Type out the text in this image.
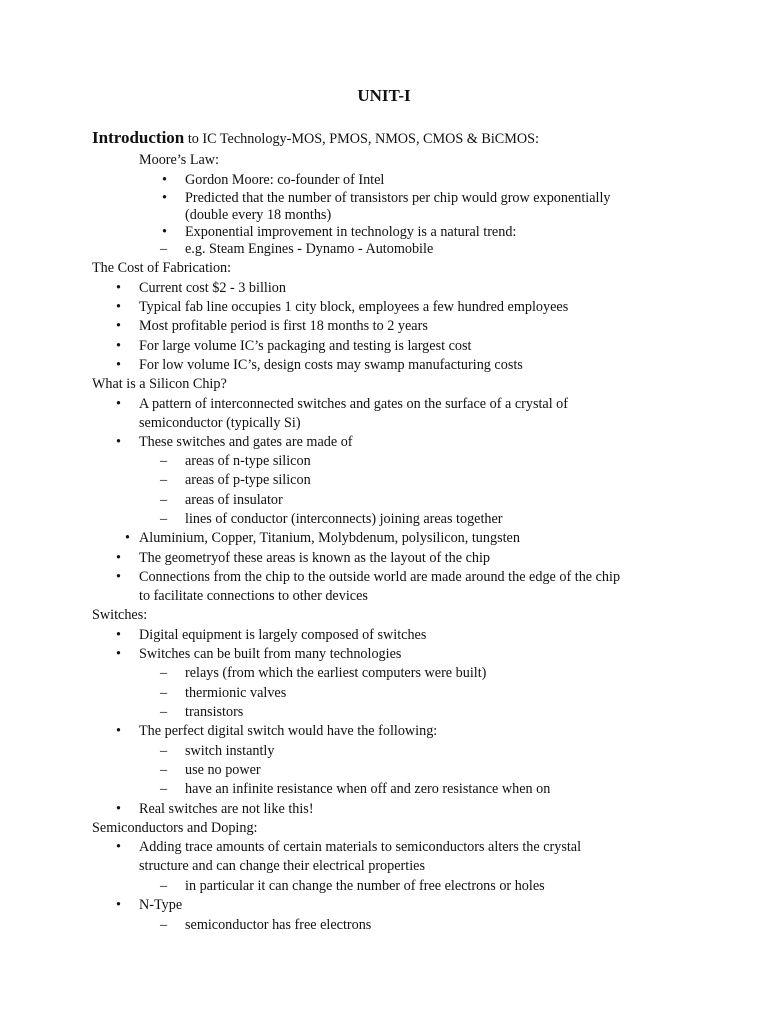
UNIT-I
Introduction to IC Technology-MOS, PMOS, NMOS, CMOS & BiCMOS:
Moore’s Law:
• Gordon Moore: co-founder of Intel
• Predicted that the number of transistors per chip would grow exponentially
(double every 18 months)
• Exponential improvement in technology is a natural trend:
– e.g. Steam Engines - Dynamo - Automobile
The Cost of Fabrication:
• Current cost $2 - 3 billion
• Typical fab line occupies 1 city block, employees a few hundred employees
• Most profitable period is first 18 months to 2 years
• For large volume IC’s packaging and testing is largest cost
• For low volume IC’s, design costs may swamp manufacturing costs
What is a Silicon Chip?
• A pattern of interconnected switches and gates on the surface of a crystal of
semiconductor (typically Si)
• These switches and gates are made of
– areas of n-type silicon
– areas of p-type silicon
– areas of insulator
– lines of conductor (interconnects) joining areas together
• Aluminium, Copper, Titanium, Molybdenum, polysilicon, tungsten
• The geometryof these areas is known as the layout of the chip
• Connections from the chip to the outside world are made around the edge of the chip
to facilitate connections to other devices
Switches:
• Digital equipment is largely composed of switches
• Switches can be built from many technologies
– relays (from which the earliest computers were built)
– thermionic valves
– transistors
• The perfect digital switch would have the following:
– switch instantly
– use no power
– have an infinite resistance when off and zero resistance when on
• Real switches are not like this!
Semiconductors and Doping:
• Adding trace amounts of certain materials to semiconductors alters the crystal
structure and can change their electrical properties
– in particular it can change the number of free electrons or holes
• N-Type
– semiconductor has free electrons
